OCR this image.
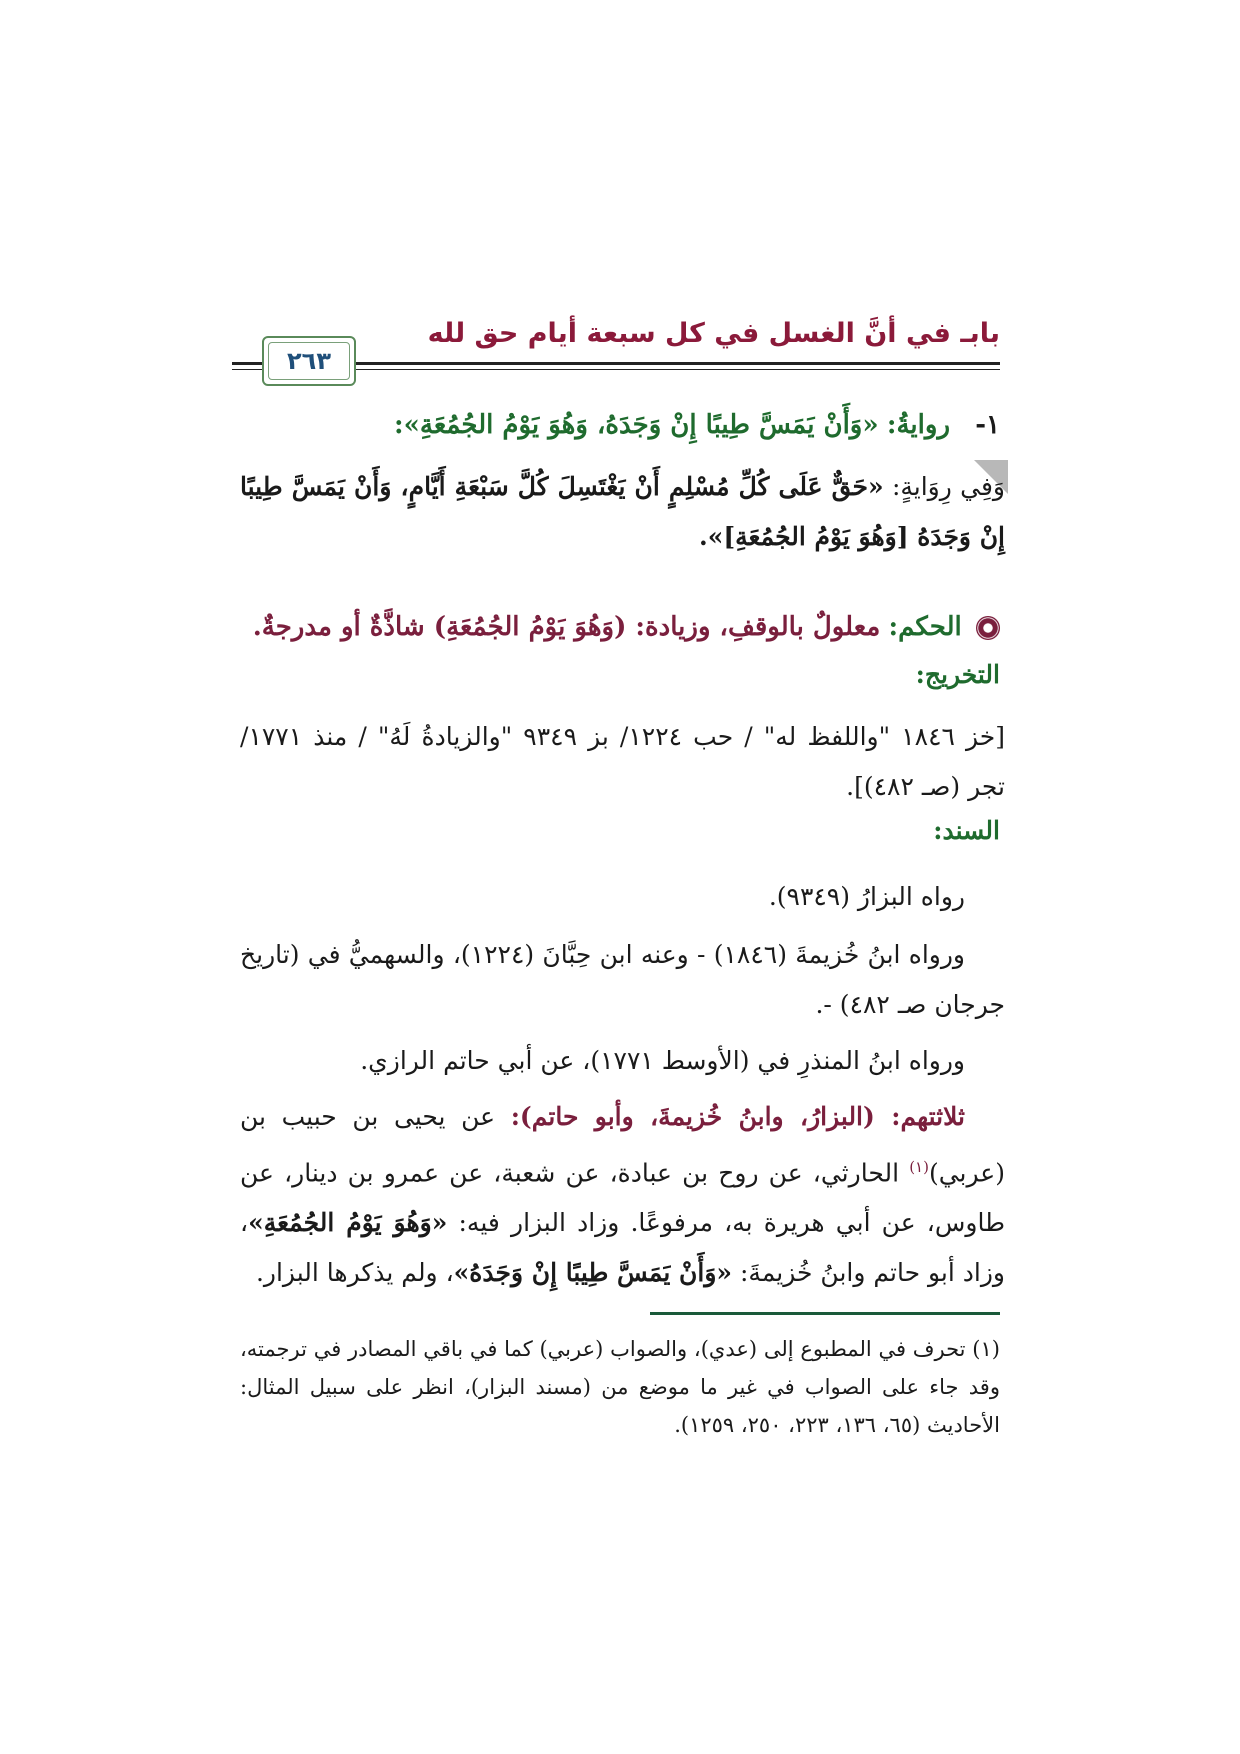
بابـ في أنَّ الغسل في كل سبعة أيام حق لله
٢٦٣
١-
روايةُ: «وَأَنْ يَمَسَّ طِيبًا إِنْ وَجَدَهُ، وَهُوَ يَوْمُ الجُمُعَةِ»:
وَفِي رِوَايةٍ: «حَقٌّ عَلَى كُلِّ مُسْلِمٍ أَنْ يَغْتَسِلَ كُلَّ سَبْعَةِ أَيَّامٍ، وَأَنْ يَمَسَّ طِيبًا إِنْ وَجَدَهُ [وَهُوَ يَوْمُ الجُمُعَةِ]».
الحكم: معلولٌ بالوقفِ، وزيادة: (وَهُوَ يَوْمُ الجُمُعَةِ) شاذَّةٌ أو مدرجةٌ.
التخريج:
[خز ١٨٤٦ "واللفظ له" / حب ١٢٢٤/ بز ٩٣٤٩ "والزيادةُ لَهُ" / منذ ١٧٧١/ تجر (صـ ٤٨٢)].
السند:
رواه البزارُ (٩٣٤٩).
ورواه ابنُ خُزيمةَ (١٨٤٦) - وعنه ابن حِبَّانَ (١٢٢٤)، والسهميُّ في (تاريخ جرجان صـ ٤٨٢) -.
ورواه ابنُ المنذرِ في (الأوسط ١٧٧١)، عن أبي حاتم الرازي.
ثلاثتهم: (البزارُ، وابنُ خُزيمةَ، وأبو حاتم): عن يحيى بن حبيب بن (عربي)$^{(١)}$ الحارثي، عن روح بن عبادة، عن شعبة، عن عمرو بن دينار، عن طاوس، عن أبي هريرة به، مرفوعًا. وزاد البزار فيه: «وَهُوَ يَوْمُ الجُمُعَةِ»، وزاد أبو حاتم وابنُ خُزيمةَ: «وَأَنْ يَمَسَّ طِيبًا إِنْ وَجَدَهُ»، ولم يذكرها البزار.
(١) تحرف في المطبوع إلى (عدي)، والصواب (عربي) كما في باقي المصادر في ترجمته، وقد جاء على الصواب في غير ما موضع من (مسند البزار)، انظر على سبيل المثال: الأحاديث (٦٥، ١٣٦، ٢٢٣، ٢٥٠، ١٢٥٩).
